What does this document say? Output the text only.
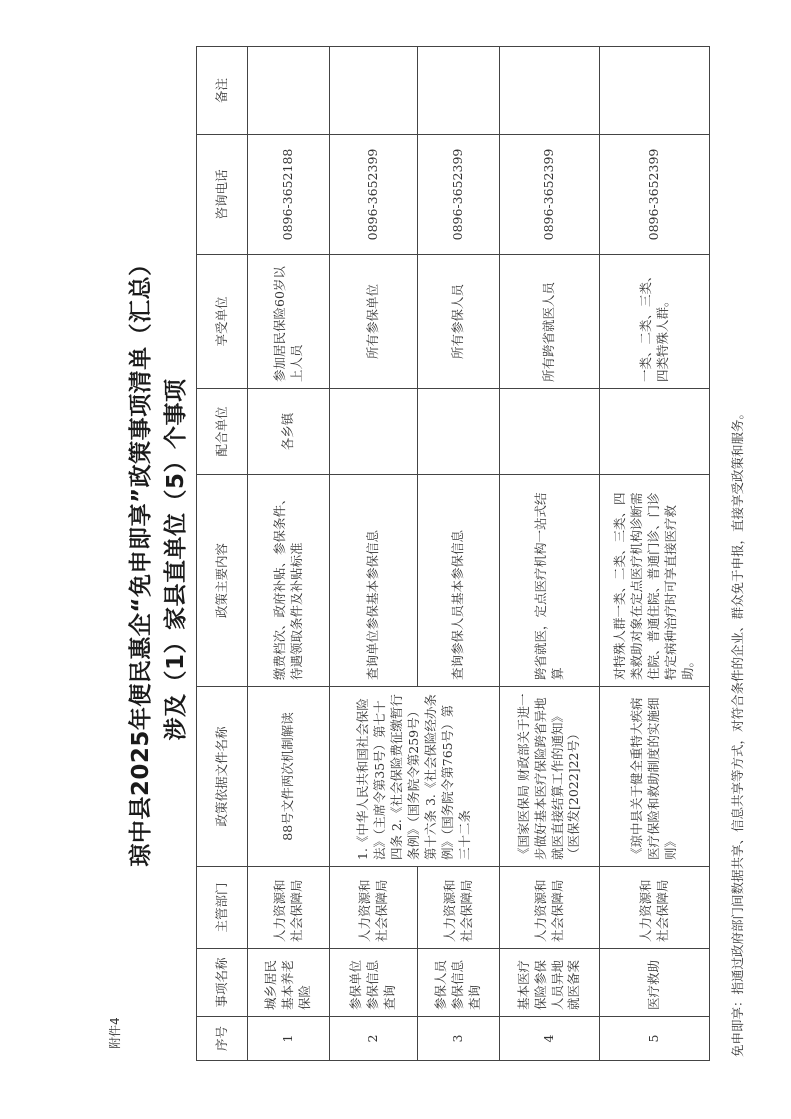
附件4
琼中县2025年便民惠企“免申即享”政策事项清单（汇总） 涉及（1）家县直单位（5）个事项
序号	事项名称	主管部门	政策依据文件名称	政策主要内容	配合单位	享受单位	咨询电话	备注
1	城乡居民基本养老保险	人力资源和社会保障局	88号文件两次机制解读	缴费档次、政府补贴、参保条件、待遇领取条件及补贴标准	各乡镇	参加居民保险60岁以上人员	0896-3652188	
2	参保单位参保信息查询	人力资源和社会保障局	1.《中华人民共和国社会保险法》（主席令第35号）第七十四条 2.《社会保险费征缴暂行条例》（国务院令第259号）第十六条 3.《社会保险经办条例》（国务院令第765号）第三十二条	查询单位参保基本参保信息		所有参保单位	0896-3652399	
3	参保人员参保信息查询	人力资源和社会保障局		查询参保人员基本参保信息		所有参保人员	0896-3652399	
4	基本医疗保险参保人员异地就医备案	人力资源和社会保障局	《国家医保局 财政部关于进一步做好基本医疗保险跨省异地就医直接结算工作的通知》（医保发[2022]22号）	跨省就医，定点医疗机构一站式结算		所有跨省就医人员	0896-3652399	
5	医疗救助	人力资源和社会保障局	《琼中县关于健全重特大疾病医疗保险和救助制度的实施细则》	对特殊人群一类、二类、三类、四类救助对象在定点医疗机构诊断需住院、普通住院、普通门诊、门诊特定病种治疗时可享直接医疗救助。		一类、二类、三类、四类特殊人群。	0896-3652399	
免申即享：指通过政府部门间数据共享、信息共享等方式，对符合条件的企业、群众免于申报，直接享受政策和服务。
